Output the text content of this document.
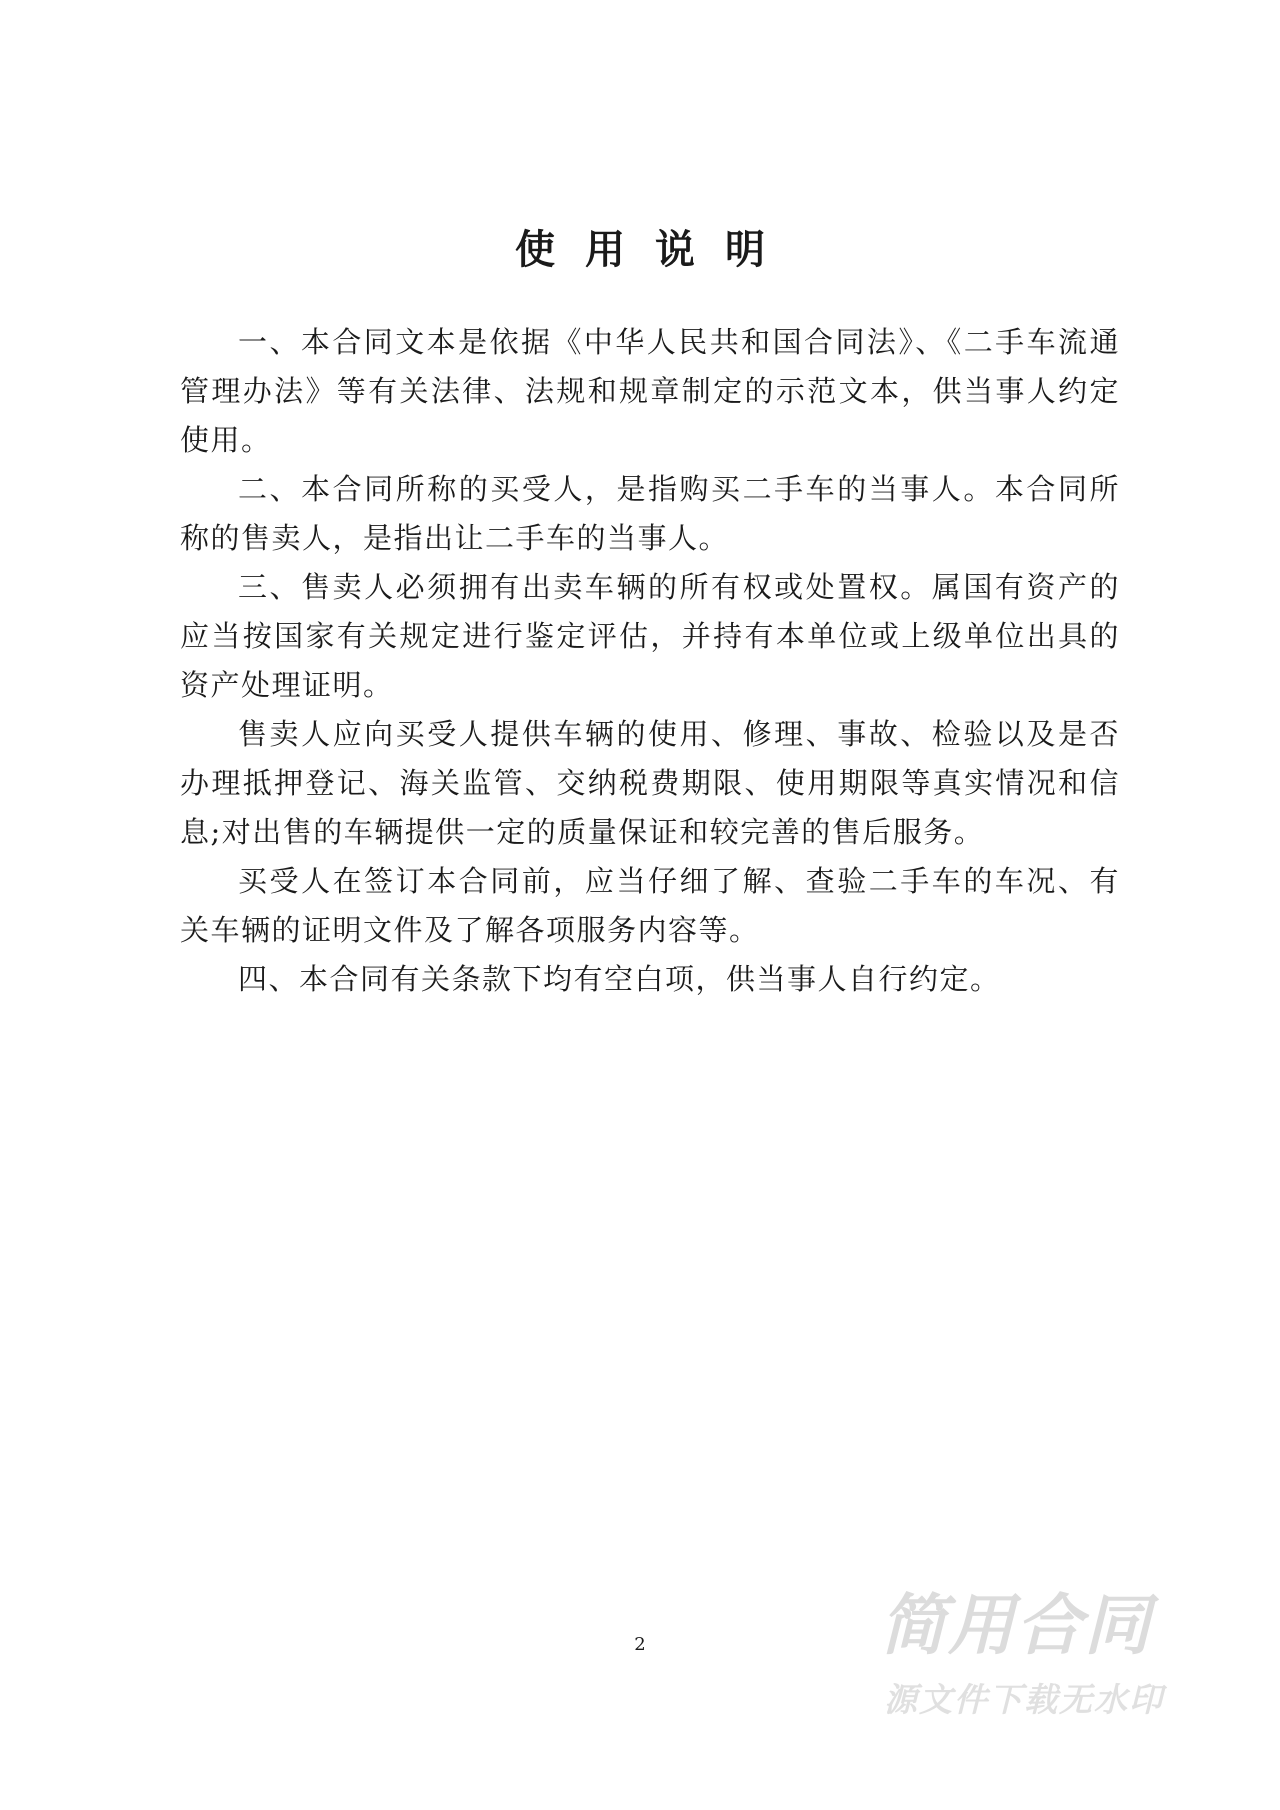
使用说明

一、本合同文本是依据《中华人民共和国合同法》、《二手车流通管理办法》等有关法律、法规和规章制定的示范文本，供当事人约定使用。

二、本合同所称的买受人，是指购买二手车的当事人。本合同所称的售卖人，是指出让二手车的当事人。

三、售卖人必须拥有出卖车辆的所有权或处置权。属国有资产的应当按国家有关规定进行鉴定评估，并持有本单位或上级单位出具的资产处理证明。

售卖人应向买受人提供车辆的使用、修理、事故、检验以及是否办理抵押登记、海关监管、交纳税费期限、使用期限等真实情况和信息;对出售的车辆提供一定的质量保证和较完善的售后服务。

买受人在签订本合同前，应当仔细了解、查验二手车的车况、有关车辆的证明文件及了解各项服务内容等。

四、本合同有关条款下均有空白项，供当事人自行约定。

2	简用合同
源文件下载无水印
